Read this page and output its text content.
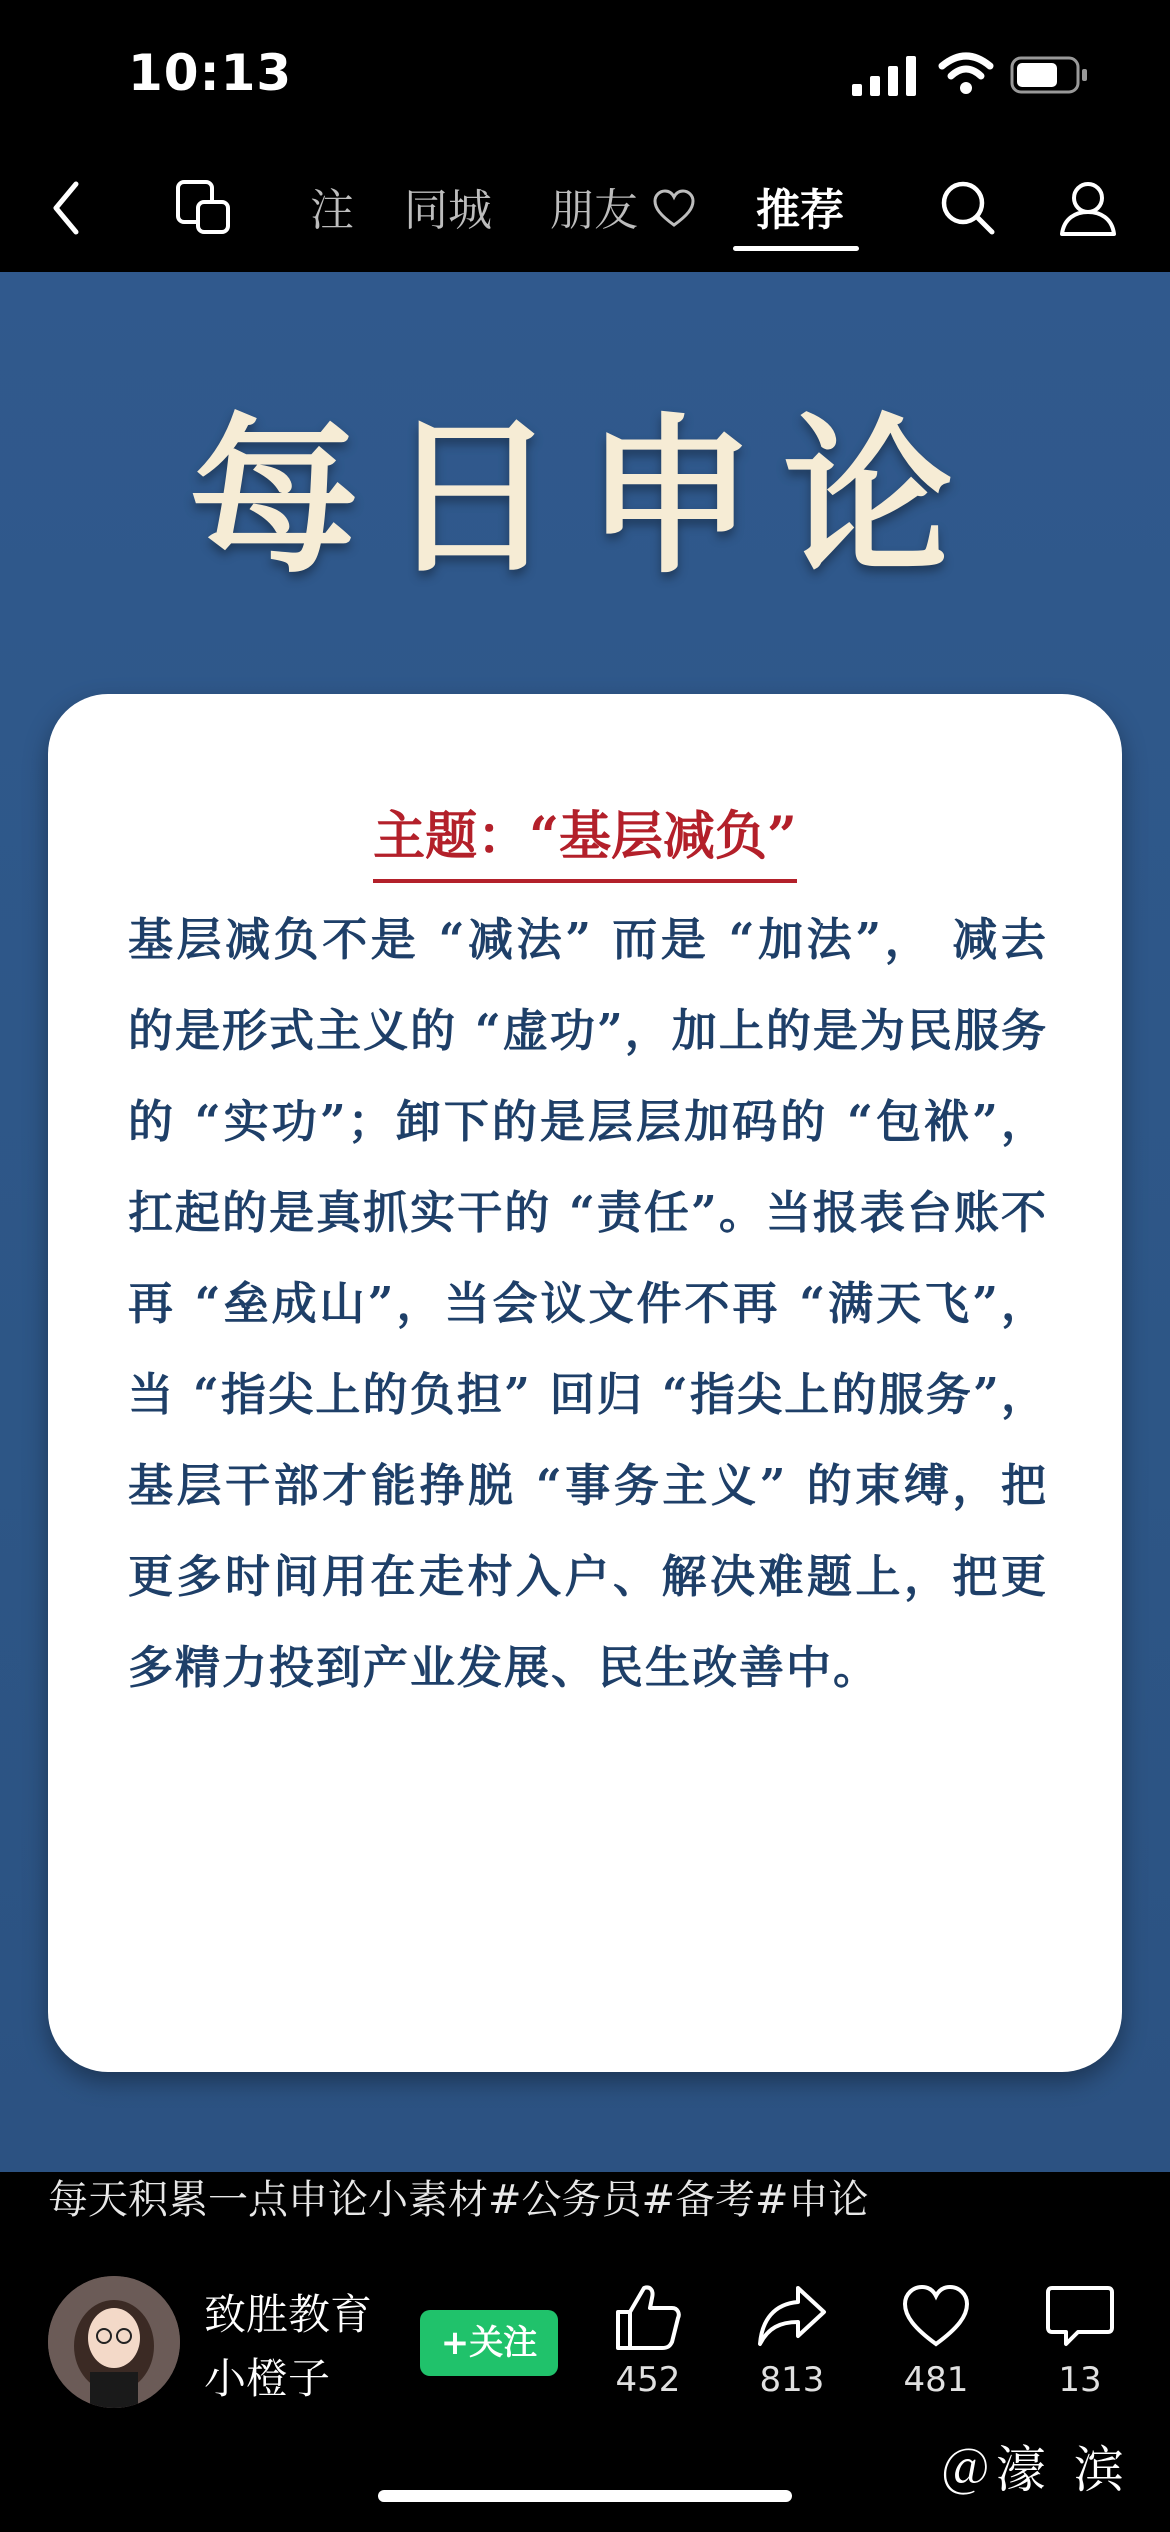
10:13
注 同城 朋友	推荐
每日申论
主题：“基层减负”
基层减负不是 “减法” 而是 “加法”， 减去的是形式主义的 “虚功”，加上的是为民服务的 “实功”；卸下的是层层加码的 “包袱”，扛起的是真抓实干的 “责任”。当报表台账不再 “垒成山”，当会议文件不再 “满天飞”，当 “指尖上的负担” 回归 “指尖上的服务”，基层干部才能挣脱 “事务主义” 的束缚，把更多时间用在走村入户、解决难题上，把更多精力投到产业发展、民生改善中。
每天积累一点申论小素材#公务员#备考#申论
致胜教育
小橙子
+关注
452	813	481	13
＠濠 滨
